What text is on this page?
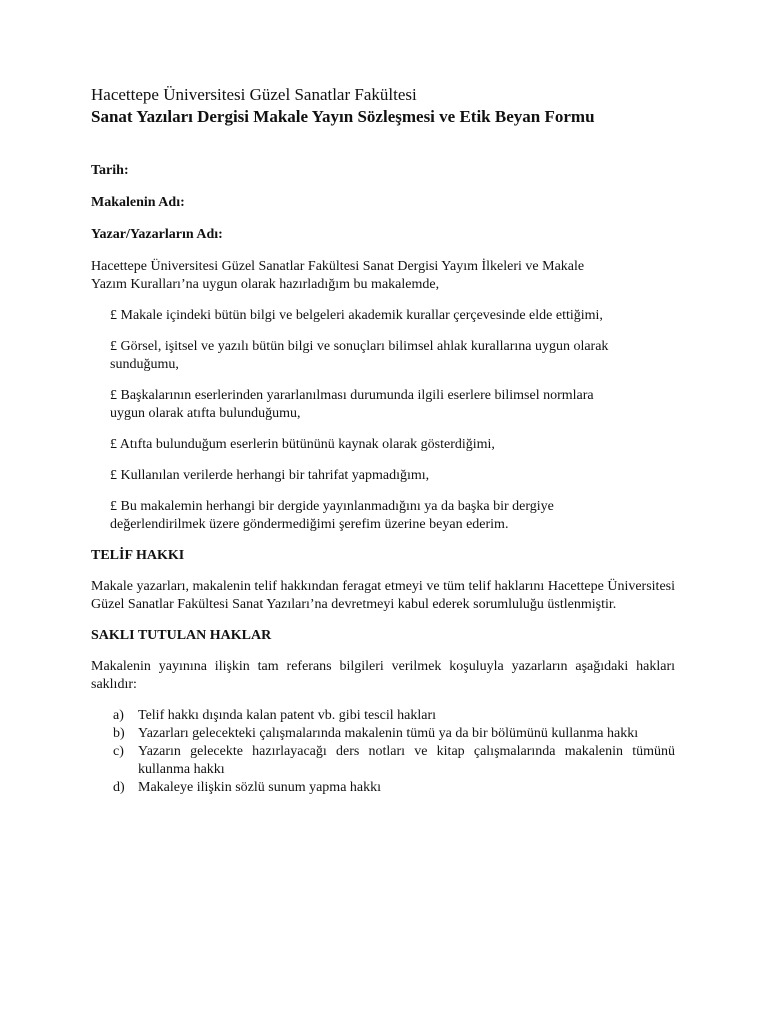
Hacettepe Üniversitesi Güzel Sanatlar Fakültesi

Sanat Yazıları Dergisi Makale Yayın Sözleşmesi ve Etik Beyan Formu

Tarih:

Makalenin Adı:

Yazar/Yazarların Adı:

Hacettepe Üniversitesi Güzel Sanatlar Fakültesi Sanat Dergisi Yayım İlkeleri ve Makale

Yazım Kuralları’na uygun olarak hazırladığım bu makalemde,

£ Makale içindeki bütün bilgi ve belgeleri akademik kurallar çerçevesinde elde ettiğimi,
£ Görsel, işitsel ve yazılı bütün bilgi ve sonuçları bilimsel ahlak kurallarına uygun olarak
sunduğumu,
£ Başkalarının eserlerinden yararlanılması durumunda ilgili eserlere bilimsel normlara
uygun olarak atıfta bulunduğumu,
£ Atıfta bulunduğum eserlerin bütününü kaynak olarak gösterdiğimi,
£ Kullanılan verilerde herhangi bir tahrifat yapmadığımı,
£ Bu makalemin herhangi bir dergide yayınlanmadığını ya da başka bir dergiye
değerlendirilmek üzere göndermediğimi şerefim üzerine beyan ederim.

TELİF HAKKI

Makale yazarları, makalenin telif hakkından feragat etmeyi ve tüm telif haklarını Hacettepe Üniversitesi Güzel Sanatlar Fakültesi Sanat Yazıları’na devretmeyi kabul ederek sorumluluğu üstlenmiştir.

SAKLI TUTULAN HAKLAR

Makalenin yayınına ilişkin tam referans bilgileri verilmek koşuluyla yazarların aşağıdaki hakları saklıdır:

a) Telif hakkı dışında kalan patent vb. gibi tescil hakları
b) Yazarları gelecekteki çalışmalarında makalenin tümü ya da bir bölümünü kullanma hakkı
c) Yazarın gelecekte hazırlayacağı ders notları ve kitap çalışmalarında makalenin tümünü kullanma hakkı
d) Makaleye ilişkin sözlü sunum yapma hakkı
